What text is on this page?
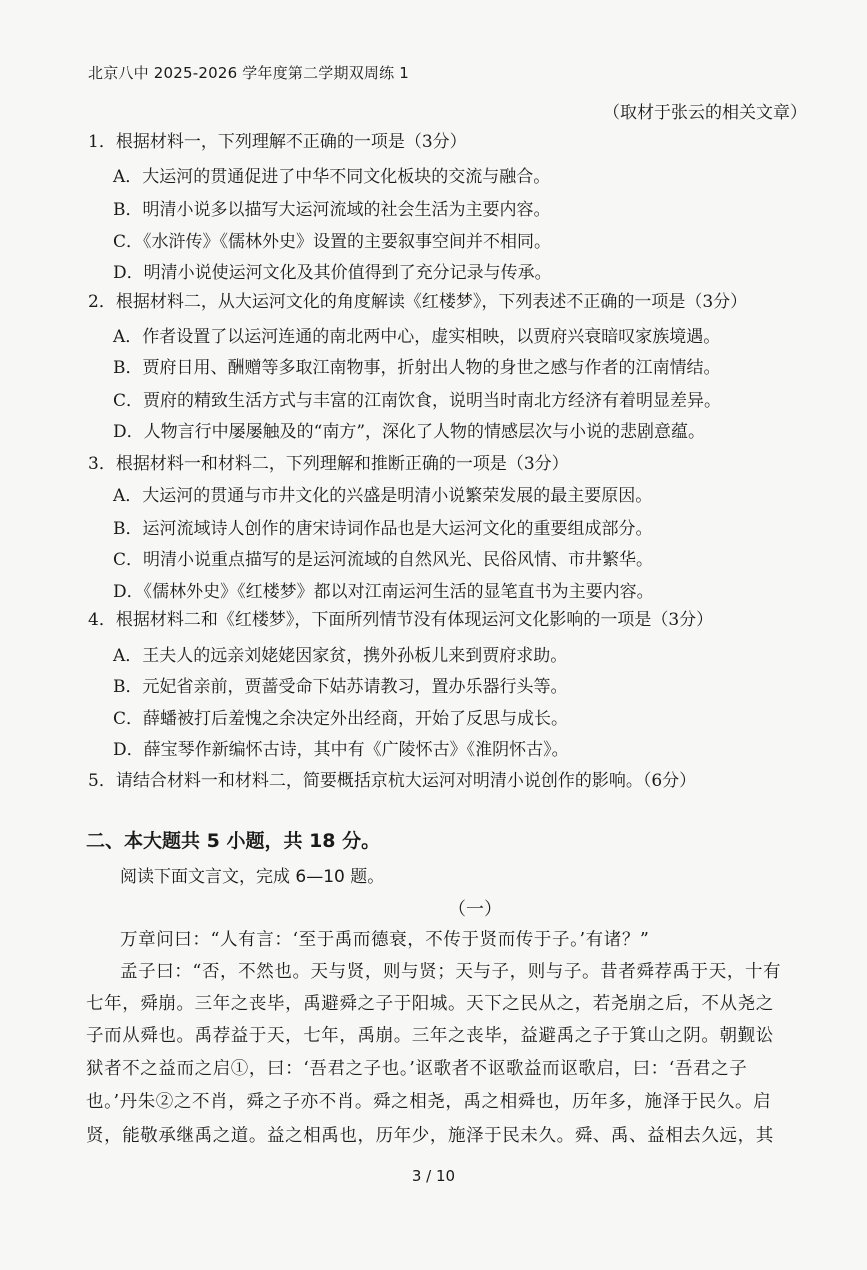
北京八中 2025-2026 学年度第二学期双周练 1
（取材于张云的相关文章）
1．根据材料一，下列理解不正确的一项是（3分）
A．大运河的贯通促进了中华不同文化板块的交流与融合。
B．明清小说多以描写大运河流域的社会生活为主要内容。
C．《水浒传》《儒林外史》设置的主要叙事空间并不相同。
D．明清小说使运河文化及其价值得到了充分记录与传承。
2．根据材料二，从大运河文化的角度解读《红楼梦》，下列表述不正确的一项是（3分）
A．作者设置了以运河连通的南北两中心，虚实相映，以贾府兴衰暗叹家族境遇。
B．贾府日用、酬赠等多取江南物事，折射出人物的身世之感与作者的江南情结。
C．贾府的精致生活方式与丰富的江南饮食，说明当时南北方经济有着明显差异。
D．人物言行中屡屡触及的“南方”，深化了人物的情感层次与小说的悲剧意蕴。
3．根据材料一和材料二，下列理解和推断正确的一项是（3分）
A．大运河的贯通与市井文化的兴盛是明清小说繁荣发展的最主要原因。
B．运河流域诗人创作的唐宋诗词作品也是大运河文化的重要组成部分。
C．明清小说重点描写的是运河流域的自然风光、民俗风情、市井繁华。
D．《儒林外史》《红楼梦》都以对江南运河生活的显笔直书为主要内容。
4．根据材料二和《红楼梦》，下面所列情节没有体现运河文化影响的一项是（3分）
A．王夫人的远亲刘姥姥因家贫，携外孙板儿来到贾府求助。
B．元妃省亲前，贾蔷受命下姑苏请教习，置办乐器行头等。
C．薛蟠被打后羞愧之余决定外出经商，开始了反思与成长。
D．薛宝琴作新编怀古诗，其中有《广陵怀古》《淮阴怀古》。
5．请结合材料一和材料二，简要概括京杭大运河对明清小说创作的影响。（6分）
二、本大题共 5 小题，共 18 分。
阅读下面文言文，完成 6—10 题。
（一）
万章问曰：“人有言：‘至于禹而德衰，不传于贤而传于子。’有诸？”
孟子曰：“否，不然也。天与贤，则与贤；天与子，则与子。昔者舜荐禹于天，十有
七年，舜崩。三年之丧毕，禹避舜之子于阳城。天下之民从之，若尧崩之后，不从尧之
子而从舜也。禹荐益于天，七年，禹崩。三年之丧毕，益避禹之子于箕山之阴。朝觐讼
狱者不之益而之启①，曰：‘吾君之子也。’讴歌者不讴歌益而讴歌启，曰：‘吾君之子
也。’丹朱②之不肖，舜之子亦不肖。舜之相尧，禹之相舜也，历年多，施泽于民久。启
贤，能敬承继禹之道。益之相禹也，历年少，施泽于民未久。舜、禹、益相去久远，其
3 / 10
